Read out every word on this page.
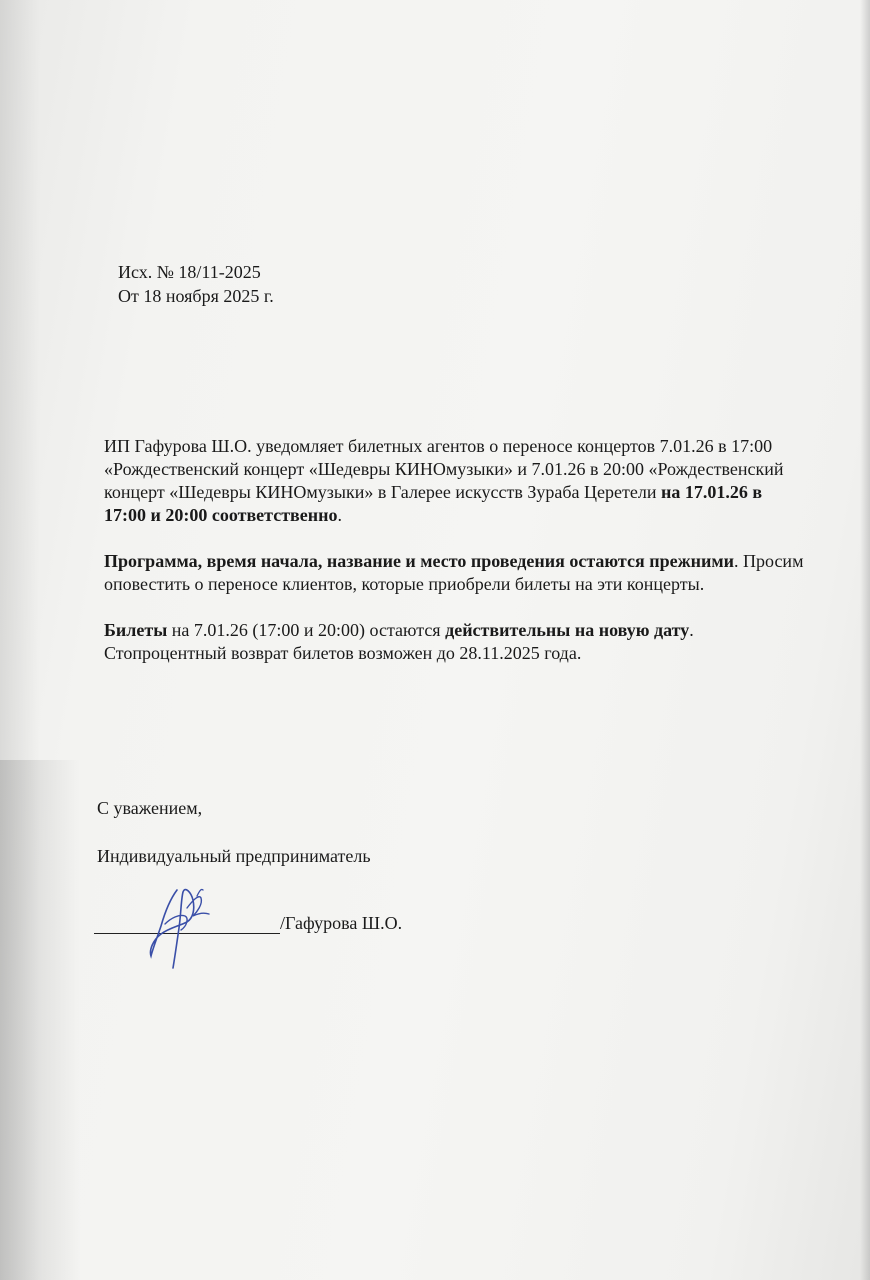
Исх. № 18/11-2025
От 18 ноября 2025 г.

ИП Гафурова Ш.О. уведомляет билетных агентов о переносе концертов 7.01.26 в 17:00 «Рождественский концерт «Шедевры КИНОмузыки» и 7.01.26 в 20:00 «Рождественский концерт «Шедевры КИНОмузыки» в Галерее искусств Зураба Церетели на 17.01.26 в 17:00 и 20:00 соответственно.

Программа, время начала, название и место проведения остаются прежними. Просим оповестить о переносе клиентов, которые приобрели билеты на эти концерты.

Билеты на 7.01.26 (17:00 и 20:00) остаются действительны на новую дату. Стопроцентный возврат билетов возможен до 28.11.2025 года.

С уважением,
Индивидуальный предприниматель
/Гафурова Ш.О.
